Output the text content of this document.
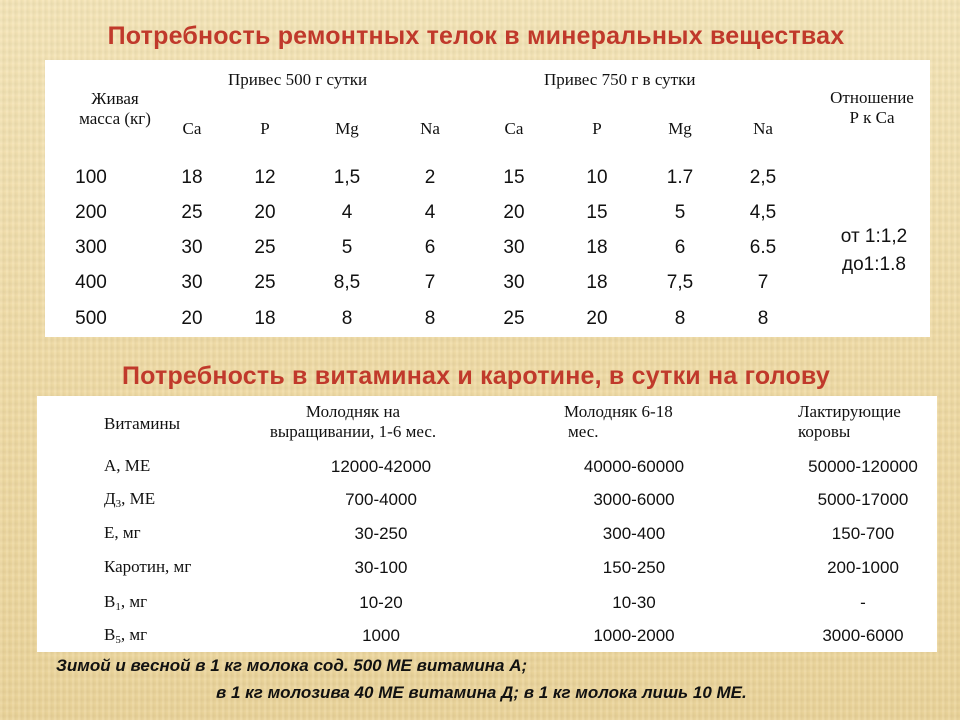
Потребность ремонтных телок в минеральных веществах
Живая
масса (кг)
Привес 500 г сутки	Привес 750 г в сутки
Отношение
Р к Са
Са	Р	Mg	Na	Са	Р	Mg	Na
100	18	12	1,5	2	15	10	1.7	2,5
200	25	20	4	4	20	15	5	4,5
300	30	25	5	6	30	18	6	6.5
400	30	25	8,5	7	30	18	7,5	7
500	20	18	8	8	25	20	8	8
от 1:1,2
до1:1.8
Потребность в витаминах и каротине, в сутки на голову
Витамины
Молодняк на
выращивании, 1-6 мес.
Молодняк 6-18
мес.
Лактирующие
коровы
А, МЕ	12000-42000	40000-60000	50000-120000
$Д_3$, МЕ	700-4000	3000-6000	5000-17000
Е, мг	30-250	300-400	150-700
Каротин, мг	30-100	150-250	200-1000
$В_1$, мг	10-20	10-30	-
$В_5$, мг	1000	1000-2000	3000-6000
Зимой и весной в 1 кг молока сод. 500 МЕ витамина А;
в 1 кг молозива 40 МЕ витамина Д; в 1 кг молока лишь 10 МЕ.
